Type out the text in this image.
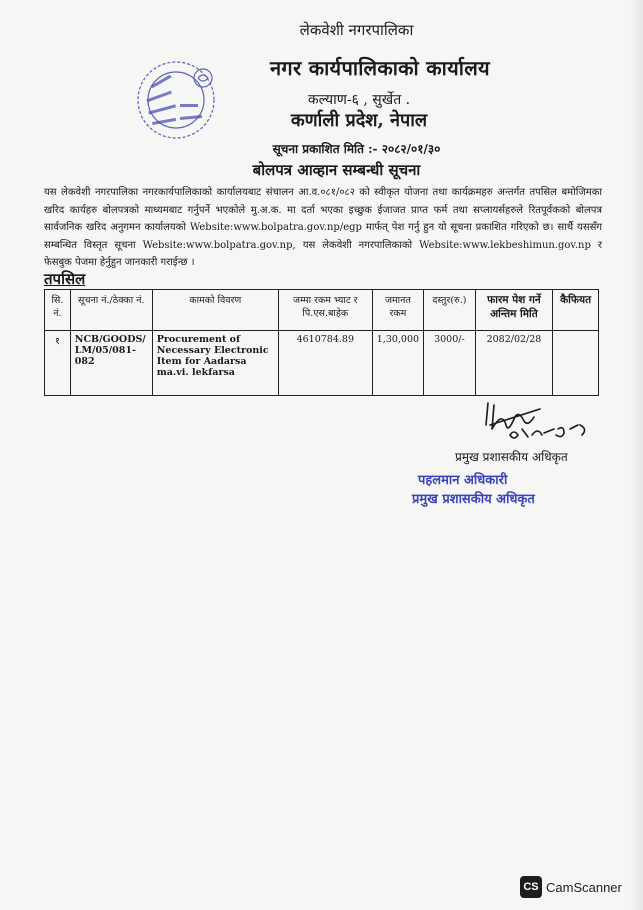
लेकवेशी नगरपालिका
नगर कार्यपालिकाको कार्यालय
कल्याण-६ , सुर्खेत .
कर्णाली प्रदेश, नेपाल
सूचना प्रकाशित मिति :- २०८२/०१/३०
बोलपत्र आव्हान सम्बन्धी सूचना
यस लेकवेशी नगरपालिका नगरकार्यपालिकाको कार्यालयबाट संचालन आ.व.०८१/०८२ को स्वीकृत योजना तथा कार्यक्रमहरु अन्तर्गत तपसिल बमोजिमका खरिद कार्यहरु बोलपत्रको माध्यमबाट गर्नुपर्ने भएकोले मु.अ.क. मा दर्ता भएका इच्छुक ईजाजत प्राप्त फर्म तथा सप्लायर्सहरुले रितपूर्वकको बोलपत्र सार्वजनिक खरिद अनुगमन कार्यालयको Website:www.bolpatra.gov.np/egp मार्फत् पेश गर्नु हुन यो सूचना प्रकाशित गरिएको छ। सार्थै यससँग सम्बन्धित विस्तृत सूचना Website:www.bolpatra.gov.np, यस लेकवेशी नगरपालिकाको Website:www.lekbeshimun.gov.np र फेसबुक पेजमा हेर्नुहुन जानकारी गराईन्छ ।
तपसिल
सि. नं.	सूचना नं./ठेक्का नं.	कामको विवरण	जम्मा रकम भ्याट र पि.एस.बाहेक	जमानत रकम	दस्तुर(रु.)	फारम पेश गर्ने अन्तिम मिति	कैफियत
१	NCB/GOODS/ LM/05/081-082	Procurement of Necessary Electronic Item for Aadarsa ma.vi. lekfarsa	4610784.89	1,30,000	3000/-	2082/02/28	
प्रमुख प्रशासकीय अधिकृत
पहलमान अधिकारी
प्रमुख प्रशासकीय अधिकृत
CS CamScanner
